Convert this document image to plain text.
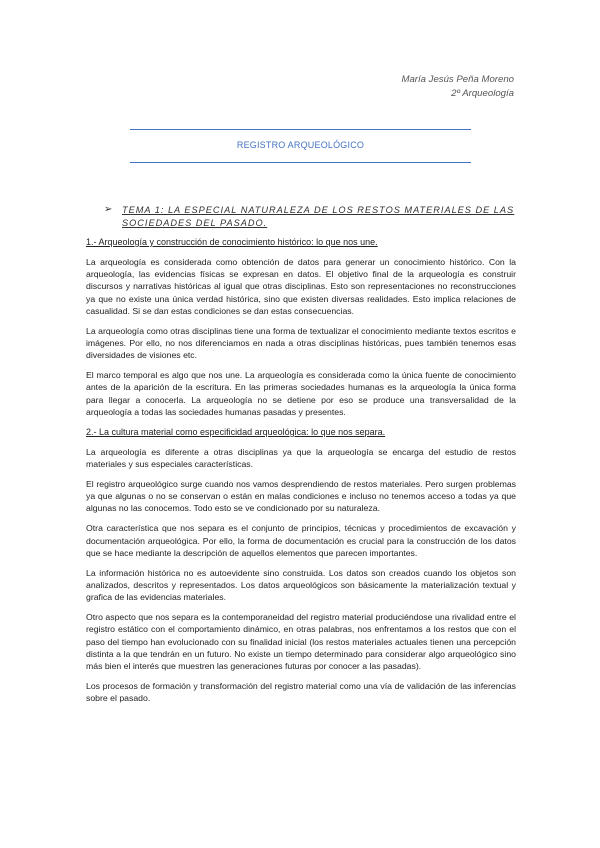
María Jesús Peña Moreno
2º Arqueología
REGISTRO ARQUEOLÓGICO
➢	TEMA 1: LA ESPECIAL NATURALEZA DE LOS RESTOS MATERIALES DE LAS SOCIEDADES DEL PASADO.

1.- Arqueología y construcción de conocimiento histórico: lo que nos une.

La arqueología es considerada como obtención de datos para generar un conocimiento histórico. Con la arqueología, las evidencias físicas se expresan en datos. El objetivo final de la arqueología es construir discursos y narrativas históricas al igual que otras disciplinas. Esto son representaciones no reconstrucciones ya que no existe una única verdad histórica, sino que existen diversas realidades. Esto implica relaciones de casualidad. Si se dan estas condiciones se dan estas consecuencias.

La arqueología como otras disciplinas tiene una forma de textualizar el conocimiento mediante textos escritos e imágenes. Por ello, no nos diferenciamos en nada a otras disciplinas históricas, pues también tenemos esas diversidades de visiones etc.

El marco temporal es algo que nos une. La arqueología es considerada como la única fuente de conocimiento antes de la aparición de la escritura. En las primeras sociedades humanas es la arqueología la única forma para llegar a conocerla. La arqueología no se detiene por eso se produce una transversalidad de la arqueología a todas las sociedades humanas pasadas y presentes.

2.- La cultura material como especificidad arqueológica: lo que nos separa.

La arqueología es diferente a otras disciplinas ya que la arqueología se encarga del estudio de restos materiales y sus especiales características.

El registro arqueológico surge cuando nos vamos desprendiendo de restos materiales. Pero surgen problemas ya que algunas o no se conservan o están en malas condiciones e incluso no tenemos acceso a todas ya que algunas no las conocemos. Todo esto se ve condicionado por su naturaleza.

Otra característica que nos separa es el conjunto de principios, técnicas y procedimientos de excavación y documentación arqueológica. Por ello, la forma de documentación es crucial para la construcción de los datos que se hace mediante la descripción de aquellos elementos que parecen importantes.

La información histórica no es autoevidente sino construida. Los datos son creados cuando los objetos son analizados, descritos y representados. Los datos arqueológicos son básicamente la materialización textual y grafica de las evidencias materiales.

Otro aspecto que nos separa es la contemporaneidad del registro material produciéndose una rivalidad entre el registro estático con el comportamiento dinámico, en otras palabras, nos enfrentamos a los restos que con el paso del tiempo han evolucionado con su finalidad inicial (los restos materiales actuales tienen una percepción distinta a la que tendrán en un futuro. No existe un tiempo determinado para considerar algo arqueológico sino más bien el interés que muestren las generaciones futuras por conocer a las pasadas).

Los procesos de formación y transformación del registro material como una vía de validación de las inferencias sobre el pasado.
